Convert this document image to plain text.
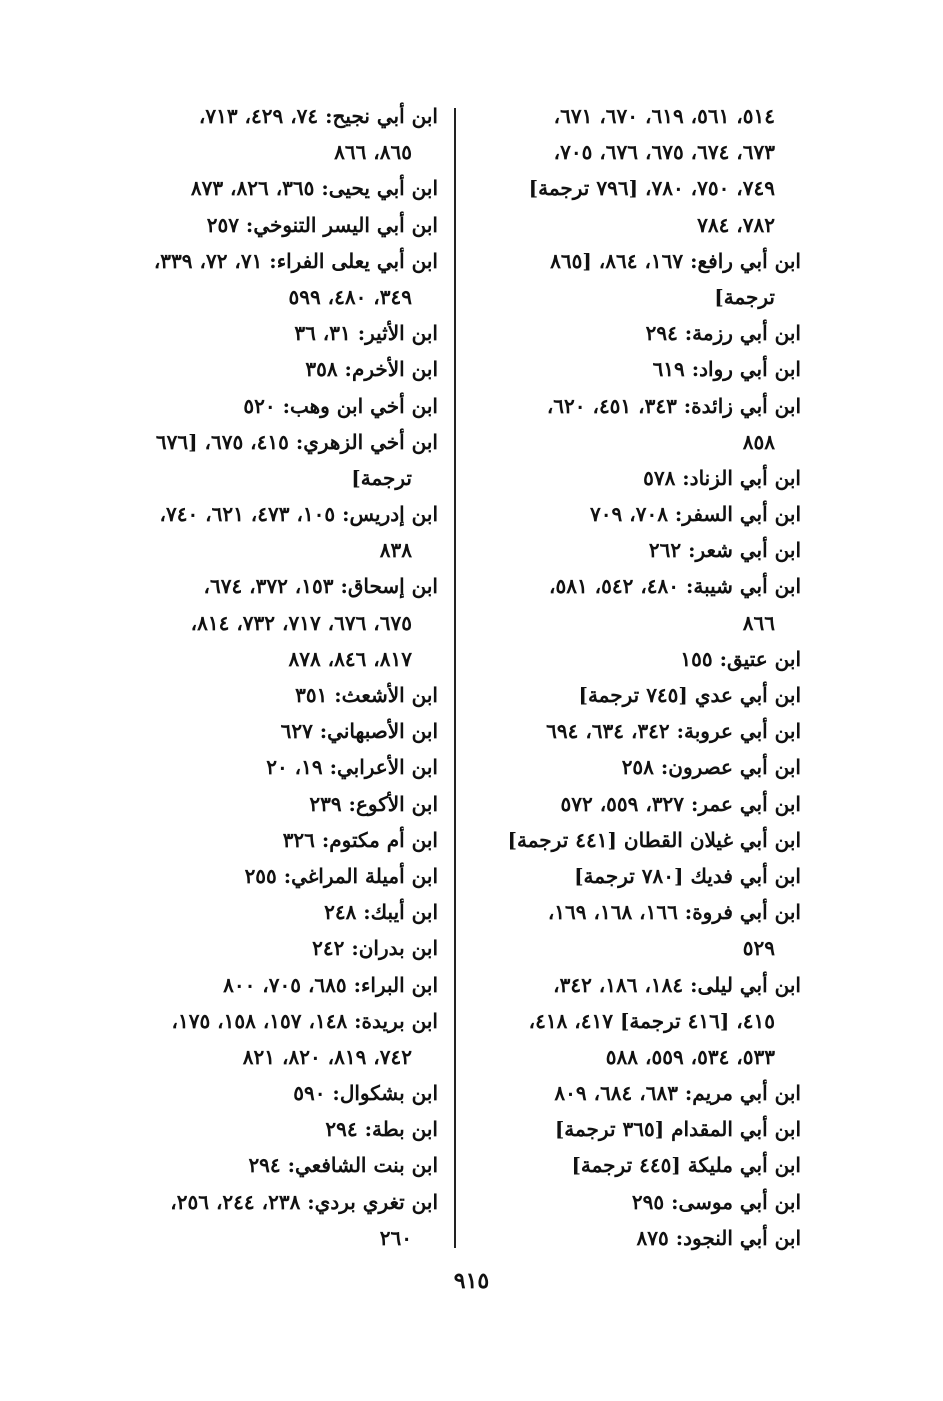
٥١٤، ٥٦١، ٦١٩، ٦٧٠، ٦٧١،
٦٧٣، ٦٧٤، ٦٧٥، ٦٧٦، ٧٠٥،
٧٤٩، ٧٥٠، ٧٨٠، [٧٩٦ ترجمة]
٧٨٢، ٧٨٤
ابن أبي رافع: ١٦٧، ٨٦٤، [٨٦٥
ترجمة]
ابن أبي رزمة: ٢٩٤
ابن أبي رواد: ٦١٩
ابن أبي زائدة: ٣٤٣، ٤٥١، ٦٢٠،
٨٥٨
ابن أبي الزناد: ٥٧٨
ابن أبي السفر: ٧٠٨، ٧٠٩
ابن أبي شعر: ٢٦٢
ابن أبي شيبة: ٤٨٠، ٥٤٢، ٥٨١،
٨٦٦
ابن عتيق: ١٥٥
ابن أبي عدي [٧٤٥ ترجمة]
ابن أبي عروبة: ٣٤٢، ٦٣٤، ٦٩٤
ابن أبي عصرون: ٢٥٨
ابن أبي عمر: ٣٢٧، ٥٥٩، ٥٧٢
ابن أبي غيلان القطان [٤٤١ ترجمة]
ابن أبي فديك [٧٨٠ ترجمة]
ابن أبي فروة: ١٦٦، ١٦٨، ١٦٩،
٥٢٩
ابن أبي ليلى: ١٨٤، ١٨٦، ٣٤٢،
٤١٥، [٤١٦ ترجمة] ٤١٧، ٤١٨،
٥٣٣، ٥٣٤، ٥٥٩، ٥٨٨
ابن أبي مريم: ٦٨٣، ٦٨٤، ٨٠٩
ابن أبي المقدام [٣٦٥ ترجمة]
ابن أبي مليكة [٤٤٥ ترجمة]
ابن أبي موسى: ٢٩٥
ابن أبي النجود: ٨٧٥
ابن أبي نجيح: ٧٤، ٤٢٩، ٧١٣،
٨٦٥، ٨٦٦
ابن أبي يحيى: ٣٦٥، ٨٢٦، ٨٧٣
ابن أبي اليسر التنوخي: ٢٥٧
ابن أبي يعلى الفراء: ٧١، ٧٢، ٣٣٩،
٣٤٩، ٤٨٠، ٥٩٩
ابن الأثير: ٣١، ٣٦
ابن الأخرم: ٣٥٨
ابن أخي ابن وهب: ٥٢٠
ابن أخي الزهري: ٤١٥، ٦٧٥، [٦٧٦
ترجمة]
ابن إدريس: ١٠٥، ٤٧٣، ٦٢١، ٧٤٠،
٨٣٨
ابن إسحاق: ١٥٣، ٣٧٢، ٦٧٤،
٦٧٥، ٦٧٦، ٧١٧، ٧٣٢، ٨١٤،
٨١٧، ٨٤٦، ٨٧٨
ابن الأشعث: ٣٥١
ابن الأصبهاني: ٦٢٧
ابن الأعرابي: ١٩، ٢٠
ابن الأكوع: ٢٣٩
ابن أم مكتوم: ٣٢٦
ابن أميلة المراغي: ٢٥٥
ابن أيبك: ٢٤٨
ابن بدران: ٢٤٢
ابن البراء: ٦٨٥، ٧٠٥، ٨٠٠
ابن بريدة: ١٤٨، ١٥٧، ١٥٨، ١٧٥،
٧٤٢، ٨١٩، ٨٢٠، ٨٢١
ابن بشكوال: ٥٩٠
ابن بطة: ٢٩٤
ابن بنت الشافعي: ٢٩٤
ابن تغري بردي: ٢٣٨، ٢٤٤، ٢٥٦،
٢٦٠
٩١٥
